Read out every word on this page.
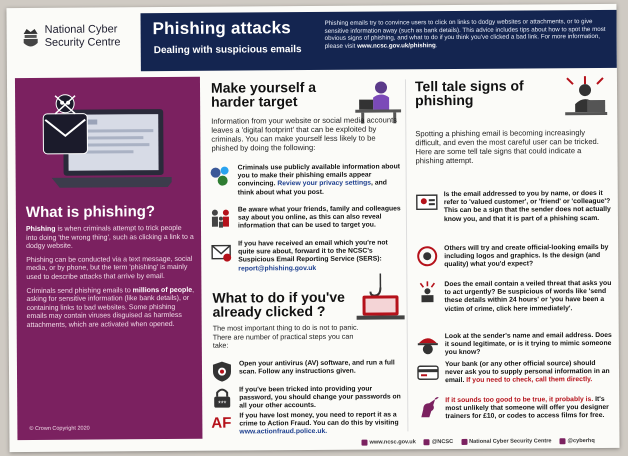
National Cyber
Security Centre
Phishing attacks
Dealing with suspicious emails
Phishing emails try to convince users to click on links to dodgy websites or attachments, or to give sensitive information away (such as bank details). This advice includes tips about how to spot the most obvious signs of phishing, and what to do if you think you've clicked a bad link. For more information, please visit www.ncsc.gov.uk/phishing.
What is phishing?

Phishing is when criminals attempt to trick people into doing 'the wrong thing', such as clicking a link to a dodgy website.

Phishing can be conducted via a text message, social media, or by phone, but the term 'phishing' is mainly used to describe attacks that arrive by email.

Criminals send phishing emails to millions of people, asking for sensitive information (like bank details), or containing links to bad websites. Some phishing emails may contain viruses disguised as harmless attachments, which are activated when opened.

© Crown Copyright 2020
Make yourself a harder target
Information from your website or social media accounts leaves a 'digital footprint' that can be exploited by criminals. You can make yourself less likely to be phished by doing the following:
Criminals use publicly available information about you to make their phishing emails appear convincing. Review your privacy settings, and think about what you post.
Be aware what your friends, family and colleagues say about you online, as this can also reveal information that can be used to target you.
If you have received an email which you're not quite sure about, forward it to the NCSC's Suspicious Email Reporting Service (SERS): report@phishing.gov.uk
What to do if you've already clicked ?
The most important thing to do is not to panic. There are number of practical steps you can take:
Open your antivirus (AV) software, and run a full scan. Follow any instructions given.
***
If you've been tricked into providing your password, you should change your passwords on all your other accounts.
AF If you have lost money, you need to report it as a crime to Action Fraud. You can do this by visiting www.actionfraud.police.uk.
Tell tale signs of phishing
Spotting a phishing email is becoming increasingly difficult, and even the most careful user can be tricked. Here are some tell tale signs that could indicate a phishing attempt.
Is the email addressed to you by name, or does it refer to 'valued customer', or 'friend' or 'colleague'? This can be a sign that the sender does not actually know you, and that it is part of a phishing scam.
Others will try and create official-looking emails by including logos and graphics. Is the design (and quality) what you'd expect?
Does the email contain a veiled threat that asks you to act urgently? Be suspicious of words like 'send these details within 24 hours' or 'you have been a victim of crime, click here immediately'.
Look at the sender's name and email address. Does it sound legitimate, or is it trying to mimic someone you know?
Your bank (or any other official source) should never ask you to supply personal information in an email. If you need to check, call them directly.
If it sounds too good to be true, it probably is. It's most unlikely that someone will offer you designer trainers for £10, or codes to access films for free.
www.ncsc.gov.uk	@NCSC	National Cyber Security Centre	@cyberhq
